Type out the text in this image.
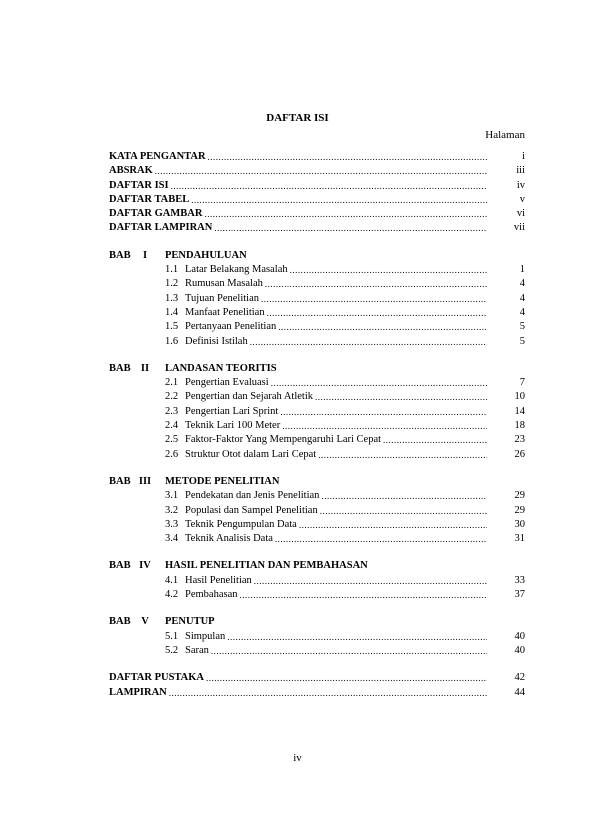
DAFTAR ISI
Halaman
KATA PENGANTAR .....	i
ABSRAK .....	iii
DAFTAR ISI .....	iv
DAFTAR TABEL .....	v
DAFTAR GAMBAR .....	vi
DAFTAR LAMPIRAN .....	vii
BAB	I	PENDAHULUAN
1.1 Latar Belakang Masalah .....	1
1.2 Rumusan Masalah .....	4
1.3 Tujuan Penelitian .....	4
1.4 Manfaat Penelitian .....	4
1.5 Pertanyaan Penelitian .....	5
1.6 Definisi Istilah .....	5
BAB II	LANDASAN TEORITIS
2.1 Pengertian Evaluasi .....	7
2.2 Pengertian dan Sejarah Atletik .....	10
2.3 Pengertian Lari Sprint .....	14
2.4 Teknik Lari 100 Meter .....	18
2.5 Faktor-Faktor Yang Mempengaruhi Lari Cepat .....	23
2.6 Struktur Otot dalam Lari Cepat .....	26
BAB III	METODE PENELITIAN
3.1 Pendekatan dan Jenis Penelitian .....	29
3.2 Populasi dan Sampel Penelitian .....	29
3.3 Teknik Pengumpulan Data .....	30
3.4 Teknik Analisis Data .....	31
BAB IV	HASIL PENELITIAN DAN PEMBAHASAN
4.1 Hasil Penelitian .....	33
4.2 Pembahasan .....	37
BAB	V	PENUTUP
5.1 Simpulan .....	40
5.2 Saran .....	40
DAFTAR PUSTAKA .....	42
LAMPIRAN .....	44
iv
